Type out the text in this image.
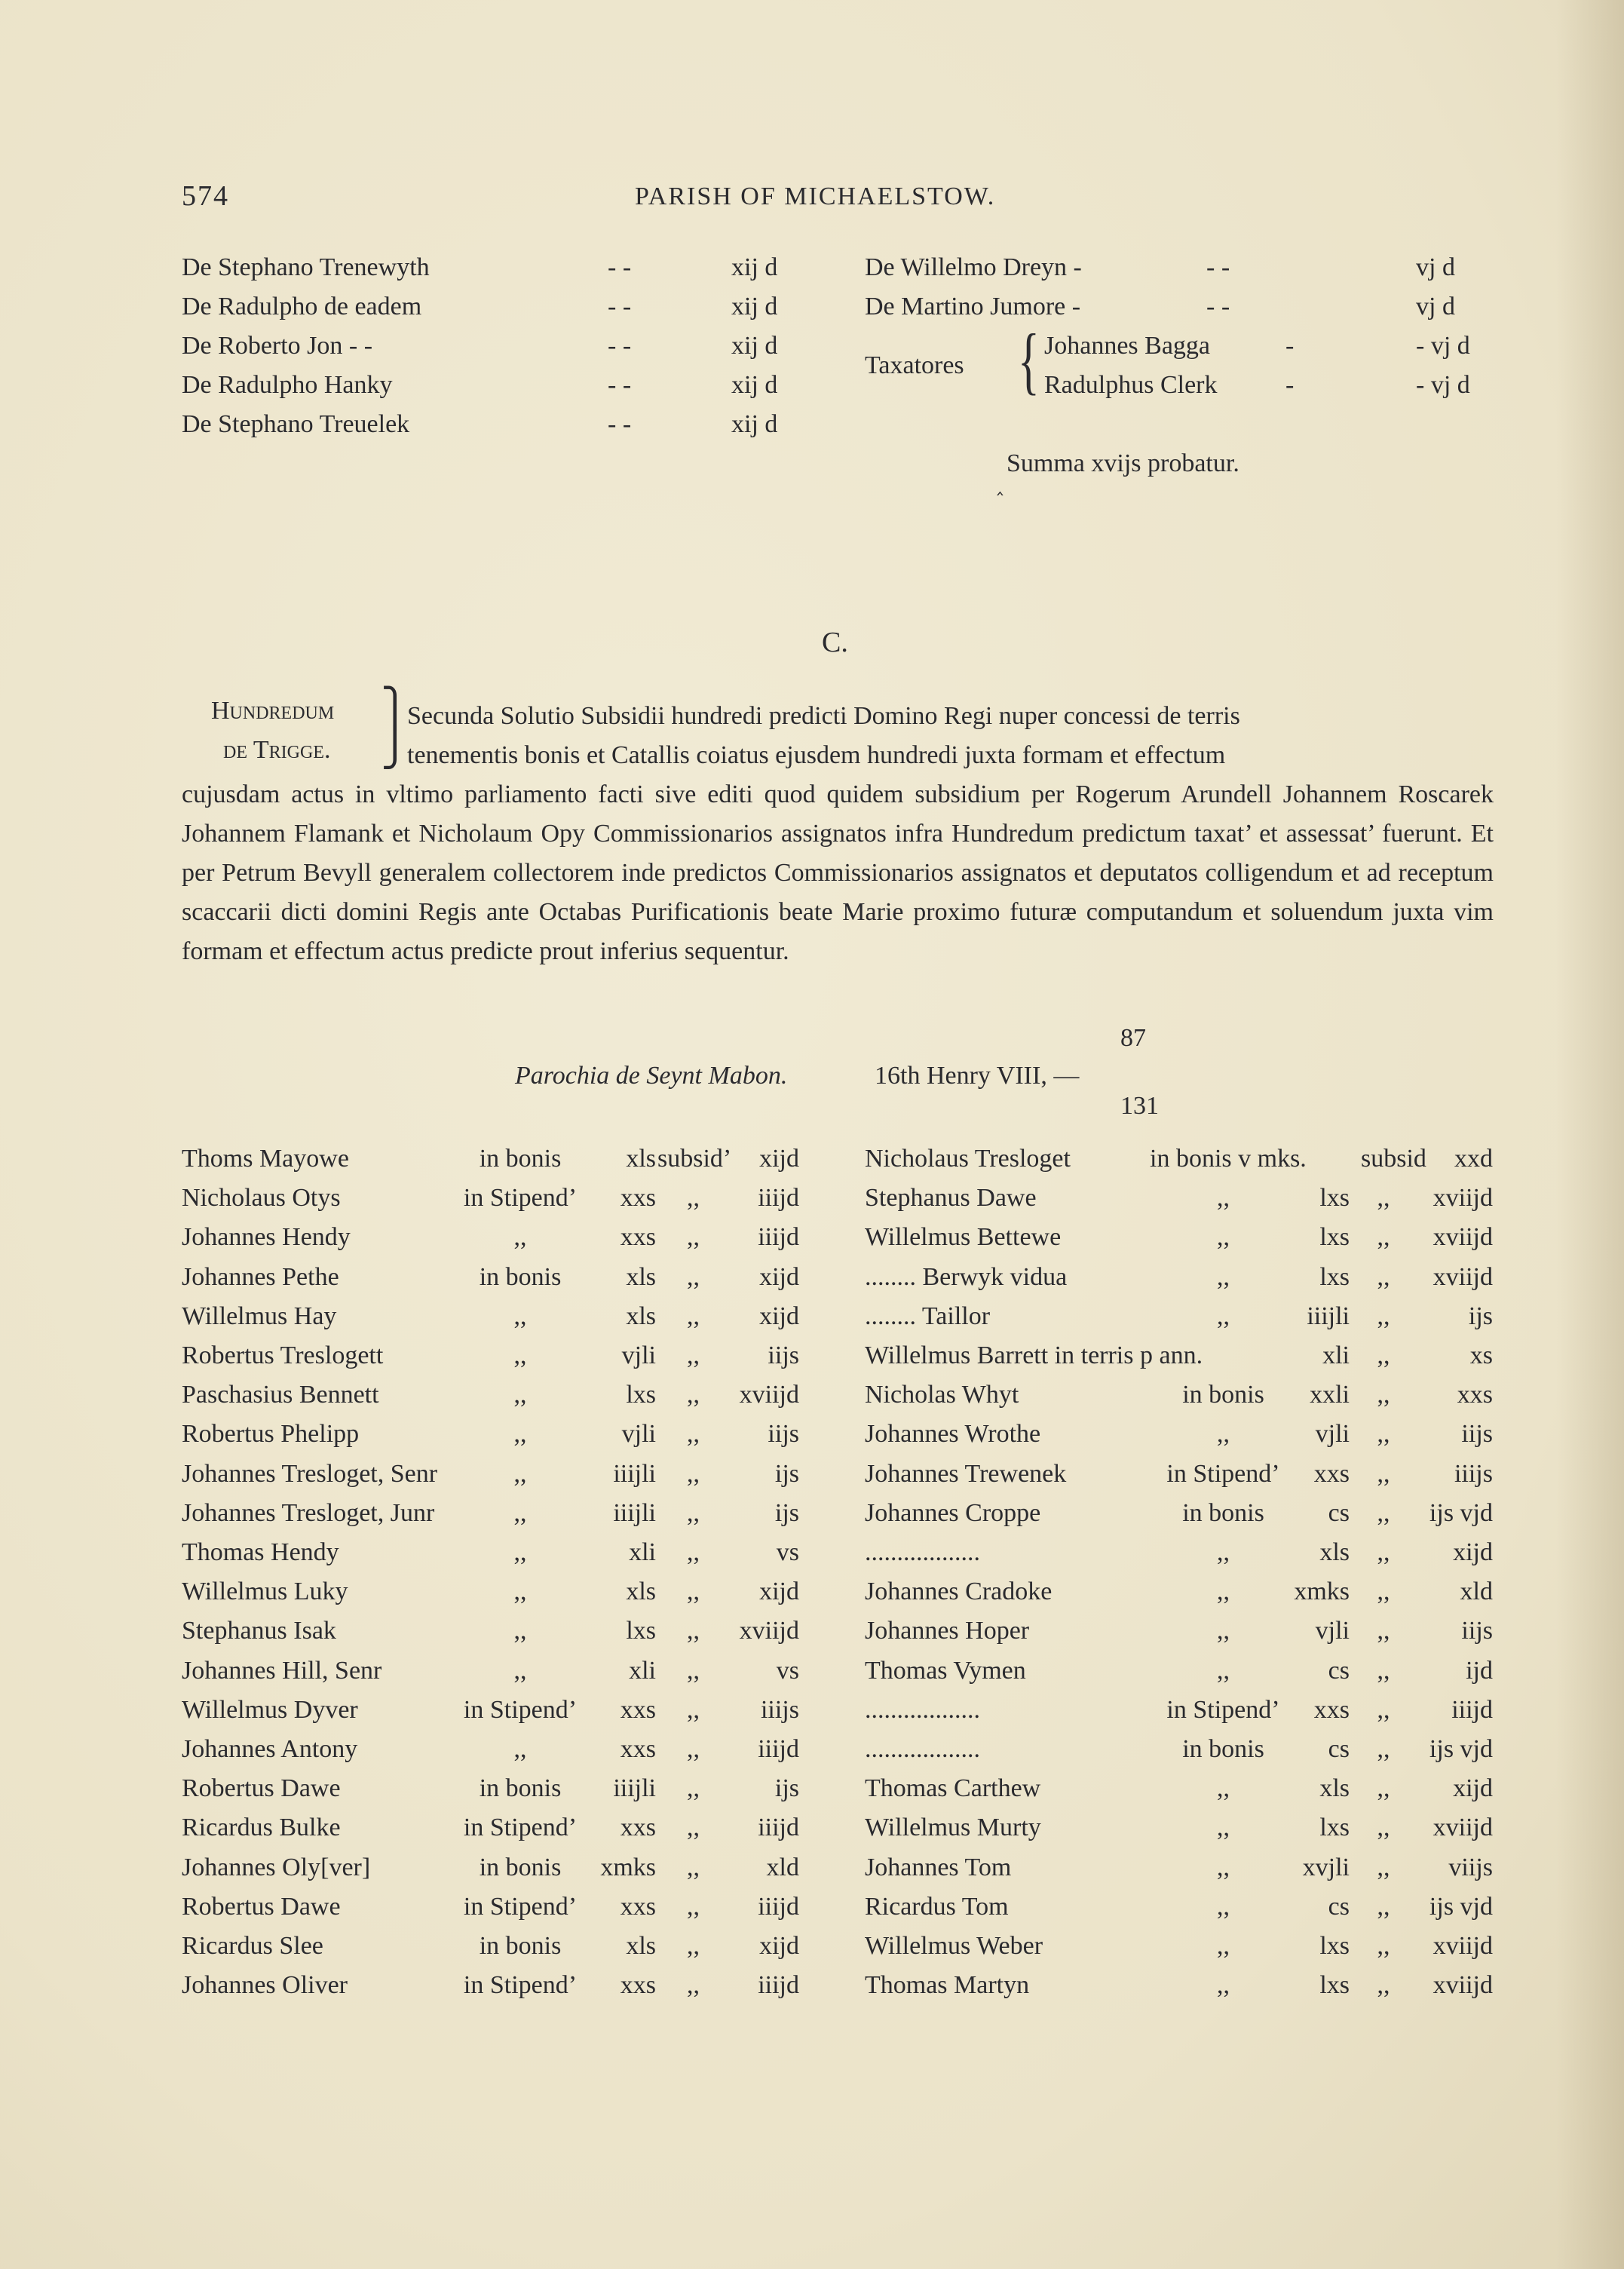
574	PARISH OF MICHAELSTOW.
De Stephano Trenewyth	- -	xij d
De Radulpho de eadem	- -	xij d
De Roberto Jon - -	- -	xij d
De Radulpho Hanky	- -	xij d
De Stephano Treuelek	- -	xij d
De Willelmo Dreyn -	- -	vj d
De Martino Jumore -	- -	vj d
Taxatores { Johannes Bagga	-	- vj d
Radulphus Clerk	-	- vj d
Summa xvijs probatur.
‸
C.
Hundredum
de Trigge.
⎫
⎭
Secunda Solutio Subsidii hundredi predicti Domino Regi nuper concessi de terris
tenementis bonis et Catallis coiatus ejusdem hundredi juxta formam et effectum
cujusdam actus in vltimo parliamento facti sive editi quod quidem subsidium per Rogerum Arundell Johannem Roscarek Johannem Flamank et Nicholaum Opy Commissionarios assignatos infra Hundredum predictum taxat’ et assessat’ fuerunt. Et per Petrum Bevyll generalem collectorem inde predictos Commissionarios assignatos et deputatos colligendum et ad receptum scaccarii dicti domini Regis ante Octabas Purificationis beate Marie proximo futuræ computandum et soluendum juxta vim formam et effectum actus predicte prout inferius sequentur.
Parochia de Seynt Mabon.	16th Henry VIII, —
87
131
Thoms Mayowe	in bonis	xls subsid’	xijd
Nicholaus Otys	in Stipend’	xxs	,,	iiijd
Johannes Hendy	,,	xxs	,,	iiijd
Johannes Pethe	in bonis	xls	,,	xijd
Willelmus Hay	,,	xls	,,	xijd
Robertus Treslogett	,,	vjli	,,	iijs
Paschasius Bennett	,,	lxs	,,	xviijd
Robertus Phelipp	,,	vjli	,,	iijs
Johannes Tresloget, Senr	,,	iiijli	,,	ijs
Johannes Tresloget, Junr	,,	iiijli	,,	ijs
Thomas Hendy	,,	xli	,,	vs
Willelmus Luky	,,	xls	,,	xijd
Stephanus Isak	,,	lxs	,,	xviijd
Johannes Hill, Senr	,,	xli	,,	vs
Willelmus Dyver	in Stipend’	xxs	,,	iiijs
Johannes Antony	,,	xxs	,,	iiijd
Robertus Dawe	in bonis	iiijli	,,	ijs
Ricardus Bulke	in Stipend’	xxs	,,	iiijd
Johannes Oly[ver]	in bonis	xmks	,,	xld
Robertus Dawe	in Stipend’	xxs	,,	iiijd
Ricardus Slee	in bonis	xls	,,	xijd
Johannes Oliver	in Stipend’	xxs	,,	iiijd
Nicholaus Tresloget	in bonis v mks. subsid	xxd
Stephanus Dawe	,,	lxs	,,	xviijd
Willelmus Bettewe	,,	lxs	,,	xviijd
........ Berwyk vidua	,,	lxs	,,	xviijd
........ Taillor	,,	iiijli	,,	ijs
Willelmus Barrett in terris p ann.	xli	,,	xs
Nicholas Whyt	in bonis	xxli	,,	xxs
Johannes Wrothe	,,	vjli	,,	iijs
Johannes Trewenek	in Stipend’	xxs	,,	iiijs
Johannes Croppe	in bonis	cs	,,	ijs vjd
..................	,,	xls	,,	xijd
Johannes Cradoke	,,	xmks	,,	xld
Johannes Hoper	,,	vjli	,,	iijs
Thomas Vymen	,,	cs	,,	ijd
..................	in Stipend’	xxs	,,	iiijd
..................	in bonis	cs	,,	ijs vjd
Thomas Carthew	,,	xls	,,	xijd
Willelmus Murty	,,	lxs	,,	xviijd
Johannes Tom	,,	xvjli	,,	viijs
Ricardus Tom	,,	cs	,,	ijs vjd
Willelmus Weber	,,	lxs	,,	xviijd
Thomas Martyn	,,	lxs	,,	xviijd
